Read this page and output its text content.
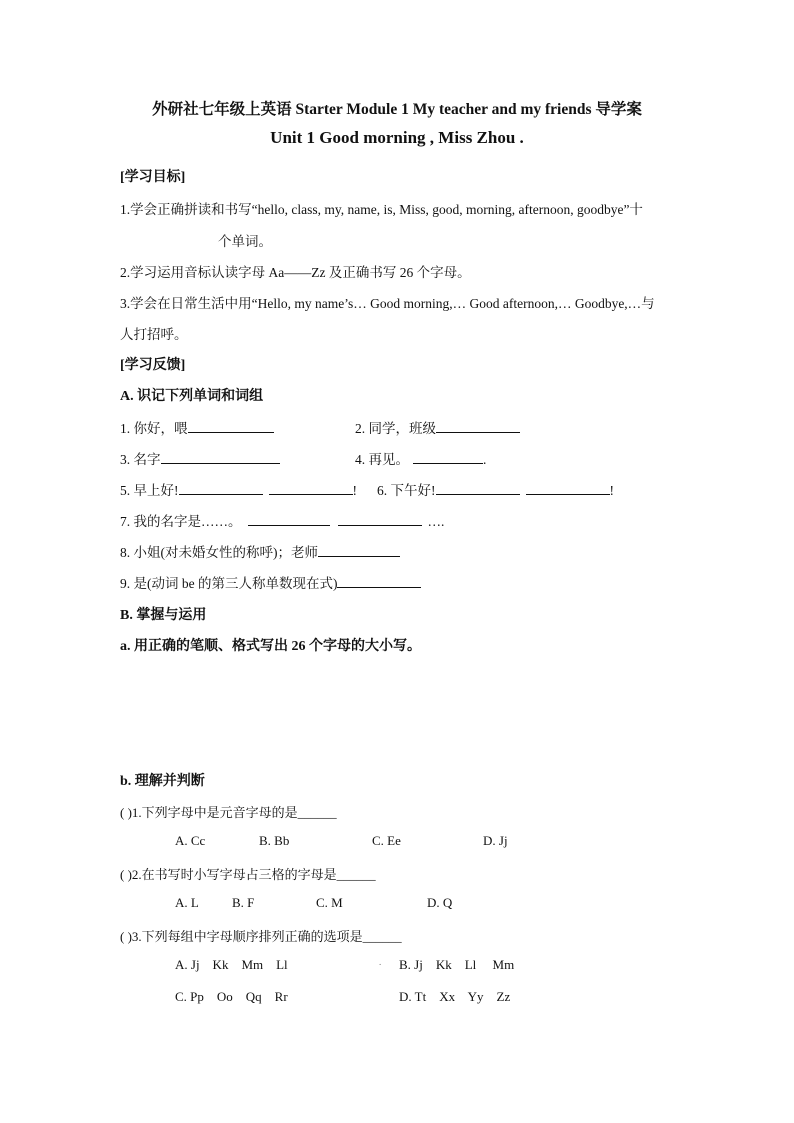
外研社七年级上英语 Starter Module 1 My teacher and my friends 导学案
Unit 1 Good morning , Miss Zhou .
[学习目标]
1.学会正确拼读和书写“hello, class, my, name, is, Miss, good, morning, afternoon, goodbye”十
个单词。
2.学习运用音标认读字母 Aa——Zz 及正确书写 26 个字母。
3.学会在日常生活中用“Hello, my name’s… Good morning,… Good afternoon,… Goodbye,…与
人打招呼。
[学习反馈]
A. 识记下列单词和词组
1. 你好，喂	2. 同学，班级
3. 名字	4. 再见。	.
5. 早上好!	! 6. 下午好!	!
7. 我的名字是……。	….
8. 小姐(对未婚女性的称呼)；老师
9. 是(动词 be 的第三人称单数现在式)
B. 掌握与运用
a. 用正确的笔顺、格式写出 26 个字母的大小写。
b. 理解并判断
( )1.下列字母中是元音字母的是______
A. Cc	B. Bb	C. Ee	D. Jj
( )2.在书写时小写字母占三格的字母是______
A. L	B. F	C. M	D. Q
( )3.下列每组中字母顺序排列正确的选项是______
A. Jj    Kk    Mm    Ll	. B. Jj    Kk    Ll     Mm
C. Pp    Oo    Qq    Rr	D. Tt    Xx    Yy    Zz
